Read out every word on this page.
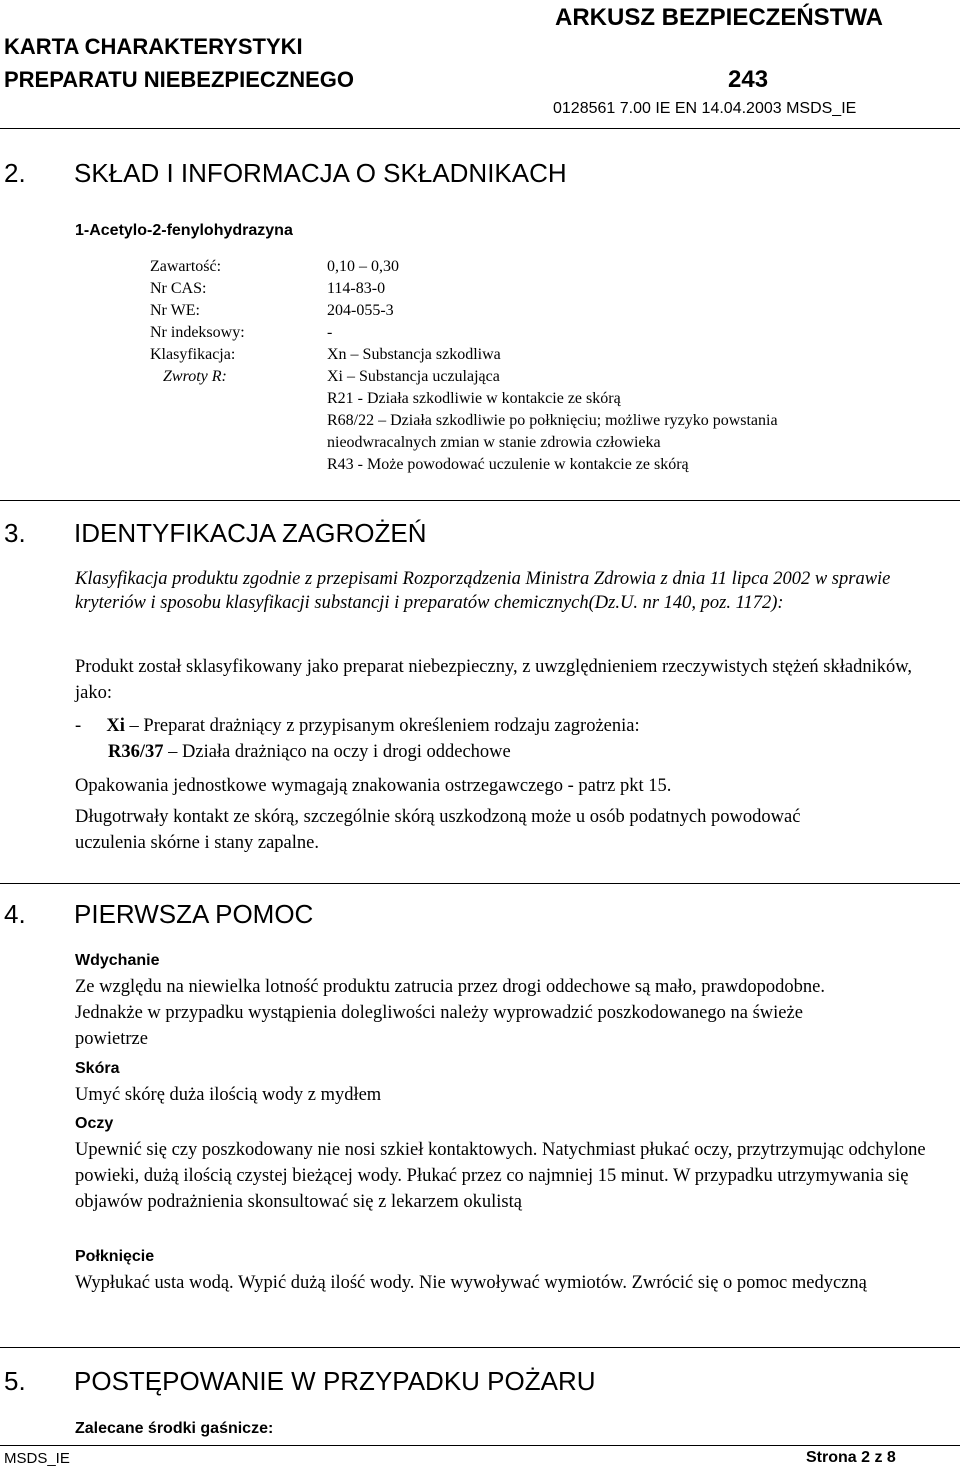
KARTA CHARAKTERYSTYKI
PREPARATU NIEBEZPIECZNEGO
ARKUSZ BEZPIECZEŃSTWA
243
0128561 7.00 IE EN 14.04.2003 MSDS_IE
2. SKŁAD I INFORMACJA O SKŁADNIKACH
1-Acetylo-2-fenylohydrazyna
Zawartość:	0,10 – 0,30
Nr CAS:	114-83-0
Nr WE:	204-055-3
Nr indeksowy:	-
Klasyfikacja:	Xn – Substancja szkodliwa
Zwroty R:	Xi – Substancja uczulająca
R21 - Działa szkodliwie w kontakcie ze skórą
R68/22 – Działa szkodliwie po połknięciu; możliwe ryzyko powstania
nieodwracalnych zmian w stanie zdrowia człowieka
R43 - Może powodować uczulenie w kontakcie ze skórą
3. IDENTYFIKACJA ZAGROŻEŃ
Klasyfikacja produktu zgodnie z przepisami Rozporządzenia Ministra Zdrowia z dnia 11 lipca 2002 w sprawie kryteriów i sposobu klasyfikacji substancji i preparatów chemicznych(Dz.U. nr 140, poz. 1172):
Produkt został sklasyfikowany jako preparat niebezpieczny, z uwzględnieniem rzeczywistych stężeń składników, jako:
- Xi – Preparat drażniący z przypisanym określeniem rodzaju zagrożenia:
R36/37 – Działa drażniąco na oczy i drogi oddechowe
Opakowania jednostkowe wymagają znakowania ostrzegawczego - patrz pkt 15.
Długotrwały kontakt ze skórą, szczególnie skórą uszkodzoną może u osób podatnych powodować uczulenia skórne i stany zapalne.
4. PIERWSZA POMOC
Wdychanie
Ze względu na niewielka lotność produktu zatrucia przez drogi oddechowe są mało, prawdopodobne. Jednakże w przypadku wystąpienia dolegliwości należy wyprowadzić poszkodowanego na świeże powietrze
Skóra
Umyć skórę duża ilością wody z mydłem
Oczy
Upewnić się czy poszkodowany nie nosi szkieł kontaktowych. Natychmiast płukać oczy, przytrzymując odchylone powieki, dużą ilością czystej bieżącej wody. Płukać przez co najmniej 15 minut. W przypadku utrzymywania się objawów podrażnienia skonsultować się z lekarzem okulistą
Połknięcie
Wypłukać usta wodą. Wypić dużą ilość wody. Nie wywoływać wymiotów. Zwrócić się o pomoc medyczną
5. POSTĘPOWANIE W PRZYPADKU POŻARU
Zalecane środki gaśnicze:
MSDS_IE	Strona 2 z 8
